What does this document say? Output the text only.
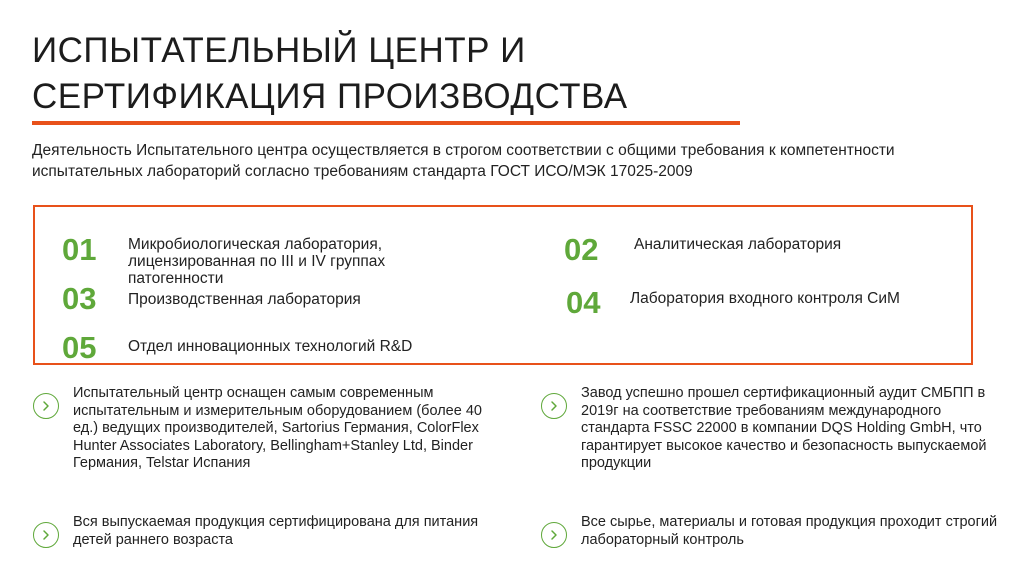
ИСПЫТАТЕЛЬНЫЙ ЦЕНТР И
СЕРТИФИКАЦИЯ ПРОИЗВОДСТВА
Деятельность Испытательного центра осуществляется в строгом соответствии с общими требования к компетентности испытательных лабораторий согласно требованиям стандарта ГОСТ ИСО/МЭК 17025-2009
01	Микробиологическая лаборатория, лицензированная по III и IV группах патогенности
02	Аналитическая лаборатория
03	Производственная лаборатория	04	Лаборатория входного контроля СиМ
05	Отдел инновационных технологий R&D
Испытательный центр оснащен самым современным испытательным и измерительным оборудованием (более 40 ед.) ведущих производителей, Sartorius Германия, ColorFlex Hunter Associates Laboratory, Bellingham+Stanley Ltd, Binder Германия, Telstar Испания
Завод успешно прошел сертификационный аудит СМБПП в 2019г на соответствие требованиям международного стандарта FSSC 22000 в компании DQS Holding GmbH, что гарантирует высокое качество и безопасность выпускаемой продукции
Вся выпускаемая продукция сертифицирована для питания детей раннего возраста
Все сырье, материалы и готовая продукция проходит строгий лабораторный контроль
